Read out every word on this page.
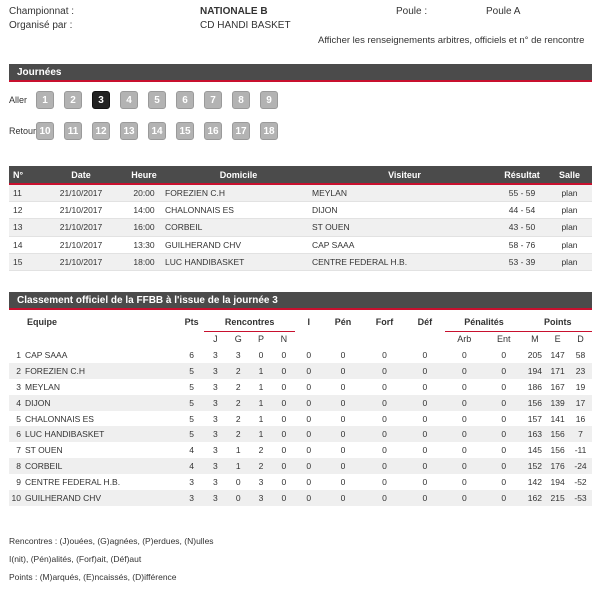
Championnat :	NATIONALE B	Poule :	Poule A
Organisé par :	CD HANDI BASKET
Afficher les renseignements arbitres, officiels et n° de rencontre
Journées
Aller
Retour
1	2	3	4	5	6	7	8	9
10	11	12	13	14	15	16	17	18
N°	Date	Heure	Domicile	Visiteur	Résultat	Salle
11	21/10/2017	20:00	FOREZIEN C.H	MEYLAN	55 - 59	plan
12	21/10/2017	14:00	CHALONNAIS ES	DIJON	44 - 54	plan
13	21/10/2017	16:00	CORBEIL	ST OUEN	43 - 50	plan
14	21/10/2017	13:30	GUILHERAND CHV	CAP SAAA	58 - 76	plan
15	21/10/2017	18:00	LUC HANDIBASKET	CENTRE FEDERAL H.B.	53 - 39	plan
Classement officiel de la FFBB à l'issue de la journée 3
Equipe	Pts	Rencontres				I	Pén	Forf	Déf	Pénalités		Points		
		J	G	P	N					Arb	Ent	M	E	D
1 CAP SAAA	6	3	3	0	0	0	0	0	0	0	0	205	147	58
2 FOREZIEN C.H	5	3	2	1	0	0	0	0	0	0	0	194	171	23
3 MEYLAN	5	3	2	1	0	0	0	0	0	0	0	186	167	19
4 DIJON	5	3	2	1	0	0	0	0	0	0	0	156	139	17
5 CHALONNAIS ES	5	3	2	1	0	0	0	0	0	0	0	157	141	16
6 LUC HANDIBASKET	5	3	2	1	0	0	0	0	0	0	0	163	156	7
7 ST OUEN	4	3	1	2	0	0	0	0	0	0	0	145	156	-11
8 CORBEIL	4	3	1	2	0	0	0	0	0	0	0	152	176	-24
9 CENTRE FEDERAL H.B.	3	3	0	3	0	0	0	0	0	0	0	142	194	-52
10 GUILHERAND CHV	3	3	0	3	0	0	0	0	0	0	0	162	215	-53
Rencontres : (J)ouées, (G)agnées, (P)erdues, (N)ulles
I(nit), (Pén)alités, (Forf)ait, (Déf)aut
Points : (M)arqués, (E)ncaissés, (D)ifférence
